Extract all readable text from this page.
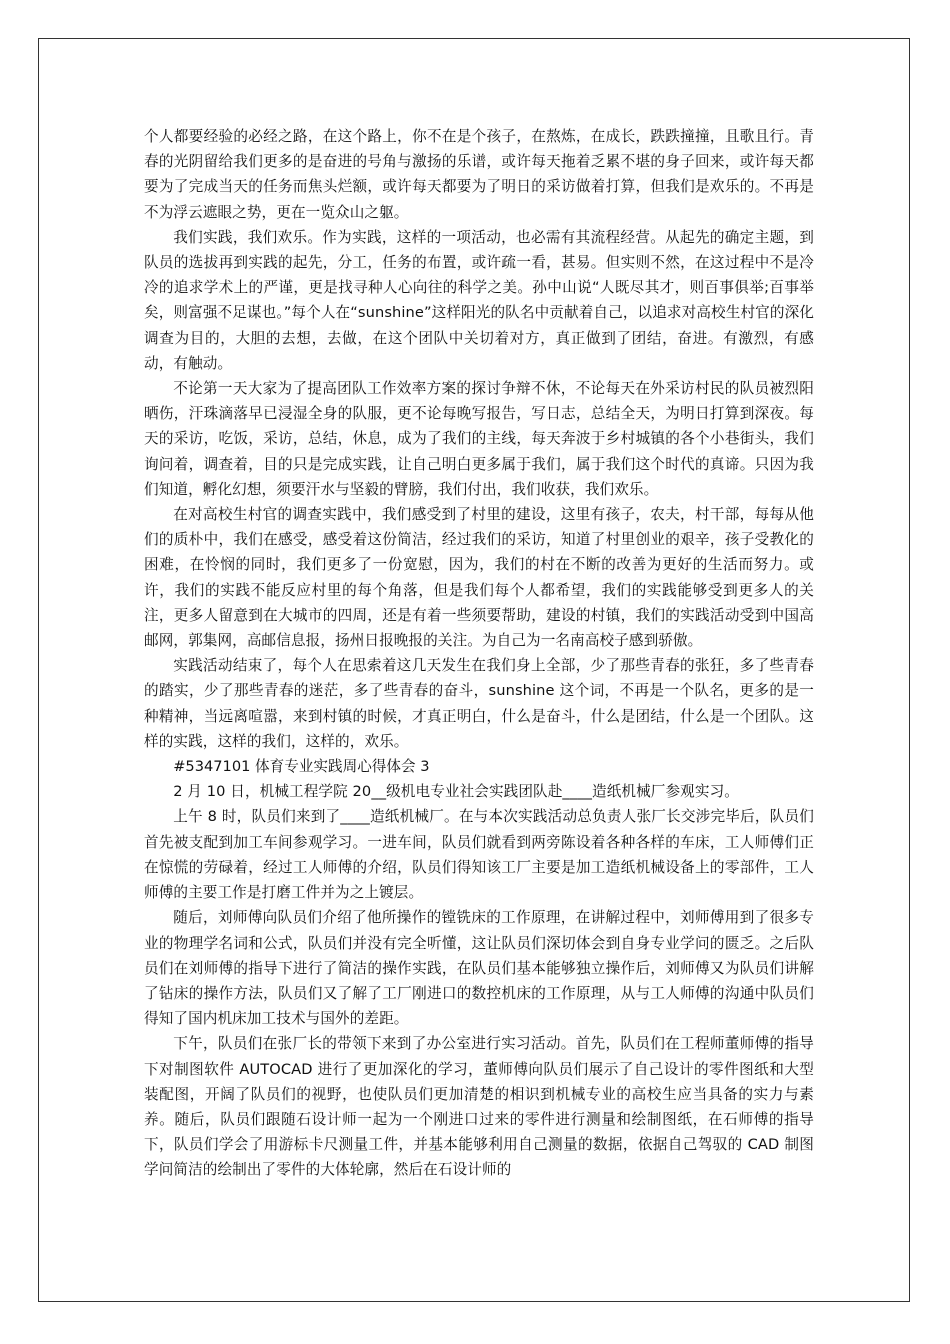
个人都要经验的必经之路，在这个路上，你不在是个孩子，在熬炼，在成长，跌跌撞撞，且歌且行。青春的光阴留给我们更多的是奋进的号角与激扬的乐谱，或许每天拖着乏累不堪的身子回来，或许每天都要为了完成当天的任务而焦头烂额，或许每天都要为了明日的采访做着打算，但我们是欢乐的。不再是不为浮云遮眼之势，更在一览众山之躯。

我们实践，我们欢乐。作为实践，这样的一项活动，也必需有其流程经营。从起先的确定主题，到队员的选拔再到实践的起先，分工，任务的布置，或许疏一看，甚易。但实则不然，在这过程中不是冷冷的追求学术上的严谨，更是找寻种人心向往的科学之美。孙中山说“人既尽其才，则百事俱举;百事举矣，则富强不足谋也。”每个人在“sunshine”这样阳光的队名中贡献着自己，以追求对高校生村官的深化调查为目的，大胆的去想，去做，在这个团队中关切着对方，真正做到了团结，奋进。有激烈，有感动，有触动。

不论第一天大家为了提高团队工作效率方案的探讨争辩不休，不论每天在外采访村民的队员被烈阳晒伤，汗珠滴落早已浸湿全身的队服，更不论每晚写报告，写日志，总结全天，为明日打算到深夜。每天的采访，吃饭，采访，总结，休息，成为了我们的主线，每天奔波于乡村城镇的各个小巷街头，我们询问着，调查着，目的只是完成实践，让自己明白更多属于我们，属于我们这个时代的真谛。只因为我们知道，孵化幻想，须要汗水与坚毅的臂膀，我们付出，我们收获，我们欢乐。

在对高校生村官的调查实践中，我们感受到了村里的建设，这里有孩子，农夫，村干部，每每从他们的质朴中，我们在感受，感受着这份简洁，经过我们的采访，知道了村里创业的艰辛，孩子受教化的困难，在怜悯的同时，我们更多了一份宽慰，因为，我们的村在不断的改善为更好的生活而努力。或许，我们的实践不能反应村里的每个角落，但是我们每个人都希望，我们的实践能够受到更多人的关注，更多人留意到在大城市的四周，还是有着一些须要帮助，建设的村镇，我们的实践活动受到中国高邮网，郭集网，高邮信息报，扬州日报晚报的关注。为自己为一名南高校子感到骄傲。

实践活动结束了，每个人在思索着这几天发生在我们身上全部，少了那些青春的张狂，多了些青春的踏实，少了那些青春的迷茫，多了些青春的奋斗，sunshine 这个词，不再是一个队名，更多的是一种精神，当远离喧嚣，来到村镇的时候，才真正明白，什么是奋斗，什么是团结，什么是一个团队。这样的实践，这样的我们，这样的，欢乐。

#5347101 体育专业实践周心得体会 3

2 月 10 日，机械工程学院 20__级机电专业社会实践团队赴____造纸机械厂参观实习。

上午 8 时，队员们来到了____造纸机械厂。在与本次实践活动总负责人张厂长交涉完毕后，队员们首先被支配到加工车间参观学习。一进车间，队员们就看到两旁陈设着各种各样的车床，工人师傅们正在惊慌的劳碌着，经过工人师傅的介绍，队员们得知该工厂主要是加工造纸机械设备上的零部件，工人师傅的主要工作是打磨工件并为之上镀层。

随后，刘师傅向队员们介绍了他所操作的镗铣床的工作原理，在讲解过程中，刘师傅用到了很多专业的物理学名词和公式，队员们并没有完全听懂，这让队员们深切体会到自身专业学问的匮乏。之后队员们在刘师傅的指导下进行了简洁的操作实践，在队员们基本能够独立操作后，刘师傅又为队员们讲解了钻床的操作方法，队员们又了解了工厂刚进口的数控机床的工作原理，从与工人师傅的沟通中队员们得知了国内机床加工技术与国外的差距。

下午，队员们在张厂长的带领下来到了办公室进行实习活动。首先，队员们在工程师董师傅的指导下对制图软件 AUTOCAD 进行了更加深化的学习，董师傅向队员们展示了自己设计的零件图纸和大型装配图，开阔了队员们的视野，也使队员们更加清楚的相识到机械专业的高校生应当具备的实力与素养。随后，队员们跟随石设计师一起为一个刚进口过来的零件进行测量和绘制图纸，在石师傅的指导下，队员们学会了用游标卡尺测量工件，并基本能够利用自己测量的数据，依据自己驾驭的 CAD 制图学问简洁的绘制出了零件的大体轮廓，然后在石设计师的
